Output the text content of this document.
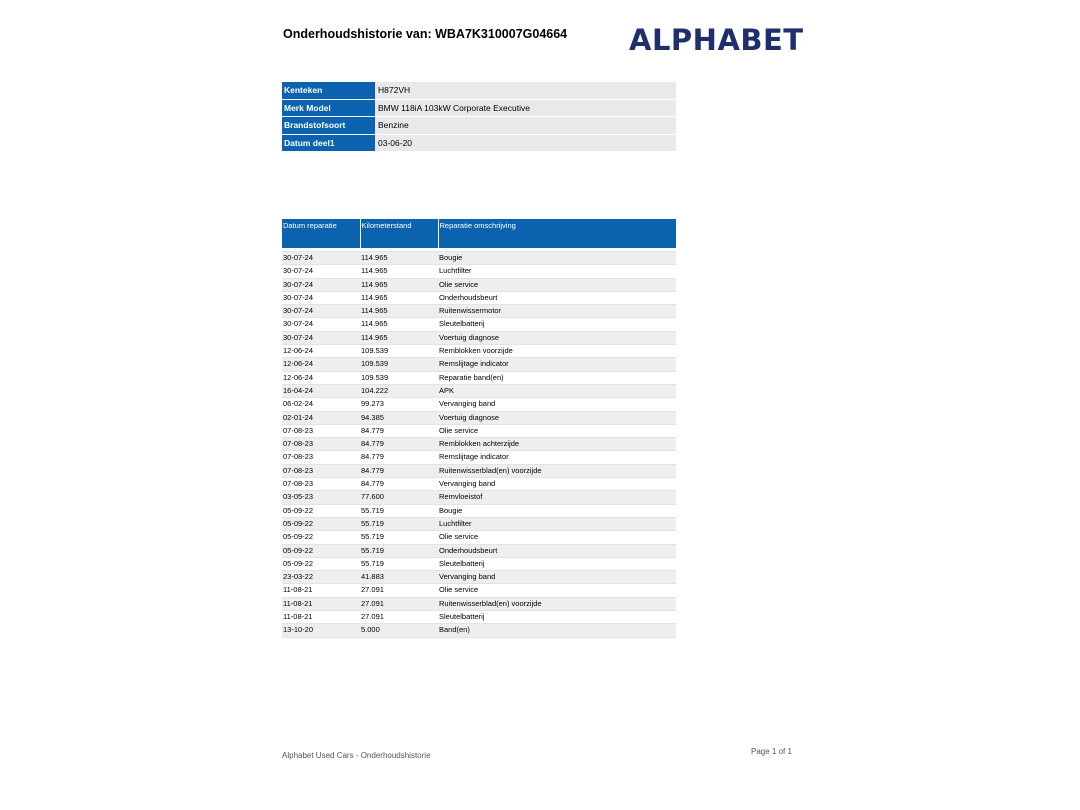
Onderhoudshistorie van: WBA7K310007G04664 ALPHABET
Kenteken	H872VH
Merk Model	BMW 118iA 103kW Corporate Executive
Brandstofsoort	Benzine
Datum deel1	03-06-20
Datum reparatie	Kilometerstand	Reparatie omschrijving

30-07-24	114.965	Bougie
30-07-24	114.965	Luchtfilter
30-07-24	114.965	Olie service
30-07-24	114.965	Onderhoudsbeurt
30-07-24	114.965	Ruitenwissermotor
30-07-24	114.965	Sleutelbatterij
30-07-24	114.965	Voertuig diagnose
12-06-24	109.539	Remblokken voorzijde
12-06-24	109.539	Remslijtage indicator
12-06-24	109.539	Reparatie band(en)
16-04-24	104.222	APK
06-02-24	99.273	Vervanging band
02-01-24	94.385	Voertuig diagnose
07-08-23	84.779	Olie service
07-08-23	84.779	Remblokken achterzijde
07-08-23	84.779	Remslijtage indicator
07-08-23	84.779	Ruitenwisserblad(en) voorzijde
07-08-23	84.779	Vervanging band
03-05-23	77.600	Remvloeistof
05-09-22	55.719	Bougie
05-09-22	55.719	Luchtfilter
05-09-22	55.719	Olie service
05-09-22	55.719	Onderhoudsbeurt
05-09-22	55.719	Sleutelbatterij
23-03-22	41.883	Vervanging band
11-08-21	27.091	Olie service
11-08-21	27.091	Ruitenwisserblad(en) voorzijde
11-08-21	27.091	Sleutelbatterij
13-10-20	5.000	Band(en)
Alphabet Used Cars - Onderhoudshistorie	Page 1 of 1
